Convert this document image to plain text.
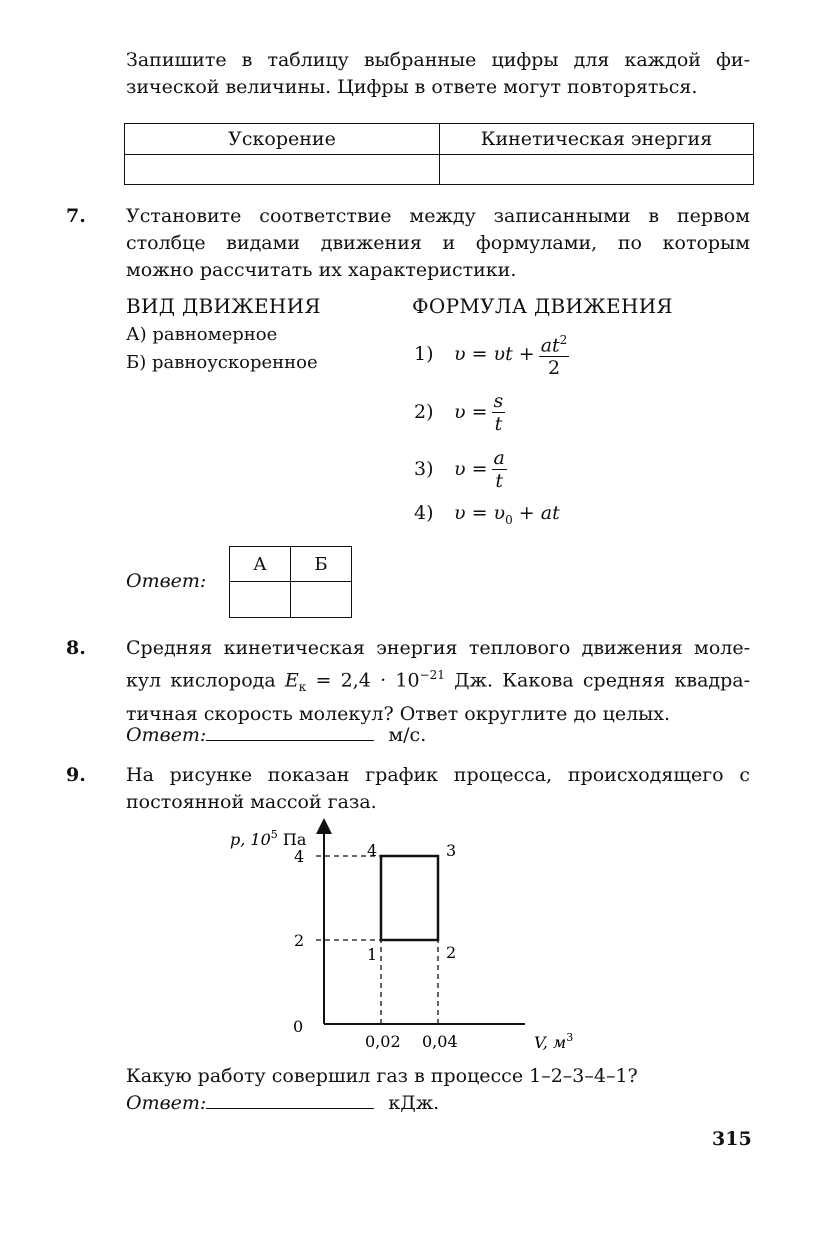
Запишите в таблицу выбранные цифры для каждой фи-
зической величины. Цифры в ответе могут повторяться.
Ускорение	Кинетическая энергия

7. Установите соответствие между записанными в первом
столбце видами движения и формулами, по которым
можно рассчитать их характеристики.
ВИД ДВИЖЕНИЯ	ФОРМУЛА ДВИЖЕНИЯ
А) равномерное
Б) равноускоренное	1)	$\upsilon = \upsilon t + \frac{at^2}{2}$
2)	$\upsilon = \frac{s}{t}$
3)	$\upsilon = \frac{a}{t}$
4) $\upsilon = \upsilon_0$ + at
Ответ:
А	Б

8. Средняя кинетическая энергия теплового движения моле-
кул кислорода $E_к = 2,4 \cdot 10^{-21}$ Дж. Какова средняя квадра-
тичная скорость молекул? Ответ округлите до целых.
Ответ:	м/с.
9. На рисунке показан график процесса, происходящего с
постоянной массой газа.
2
4
0,02 0,04
1	2
3
4
p, $10^5$ Па
V, $м^3$
0
Какую работу совершил газ в процессе 1–2–3–4–1?
Ответ:	кДж.
315
